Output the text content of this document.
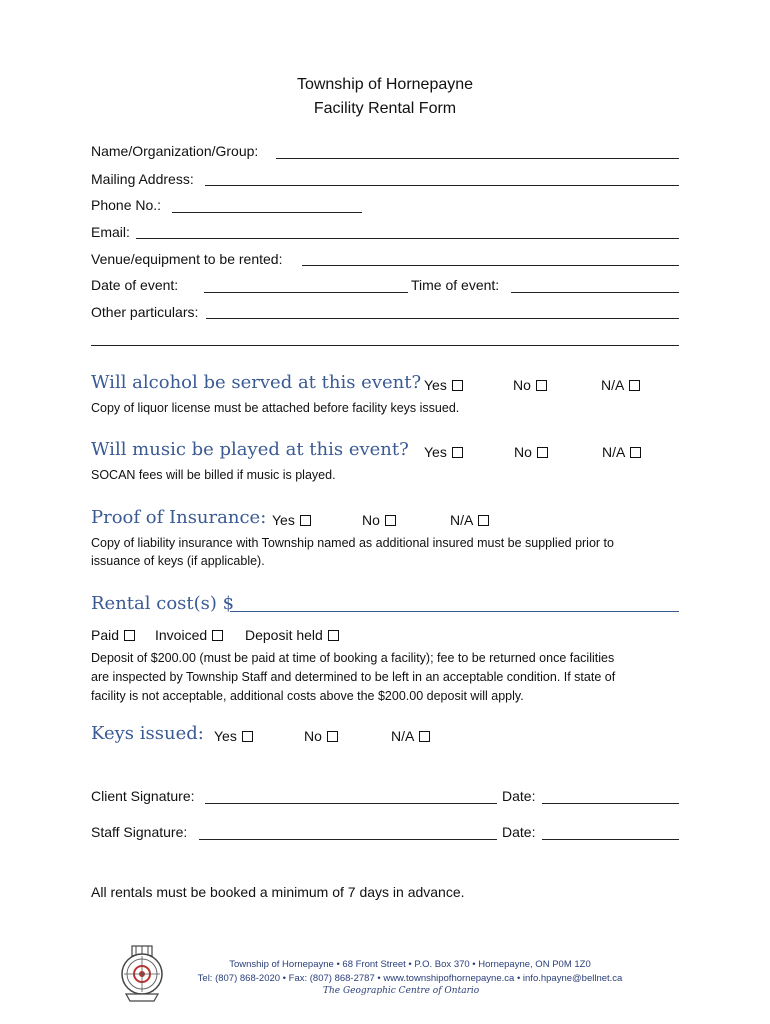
Township of Hornepayne
Facility Rental Form
Name/Organization/Group:
Mailing Address:
Phone No.:
Email:
Venue/equipment to be rented:
Date of event:	Time of event:
Other particulars:
Will alcohol be served at this event? Yes	No	N/A
Copy of liquor license must be attached before facility keys issued.
Will music be played at this event? Yes	No	N/A
SOCAN fees will be billed if music is played.
Proof of Insurance: Yes	No	N/A
Copy of liability insurance with Township named as additional insured must be supplied prior to
issuance of keys (if applicable).
Rental cost(s) $
Paid	Invoiced	Deposit held
Deposit of $200.00 (must be paid at time of booking a facility); fee to be returned once facilities
are inspected by Township Staff and determined to be left in an acceptable condition. If state of
facility is not acceptable, additional costs above the $200.00 deposit will apply.
Keys issued: Yes	No	N/A
Client Signature:	Date:
Staff Signature:	Date:
All rentals must be booked a minimum of 7 days in advance.
Township of Hornepayne • 68 Front Street • P.O. Box 370 • Hornepayne, ON P0M 1Z0
Tel: (807) 868-2020 • Fax: (807) 868-2787 • www.townshipofhornepayne.ca • info.hpayne@bellnet.ca
The Geographic Centre of Ontario
